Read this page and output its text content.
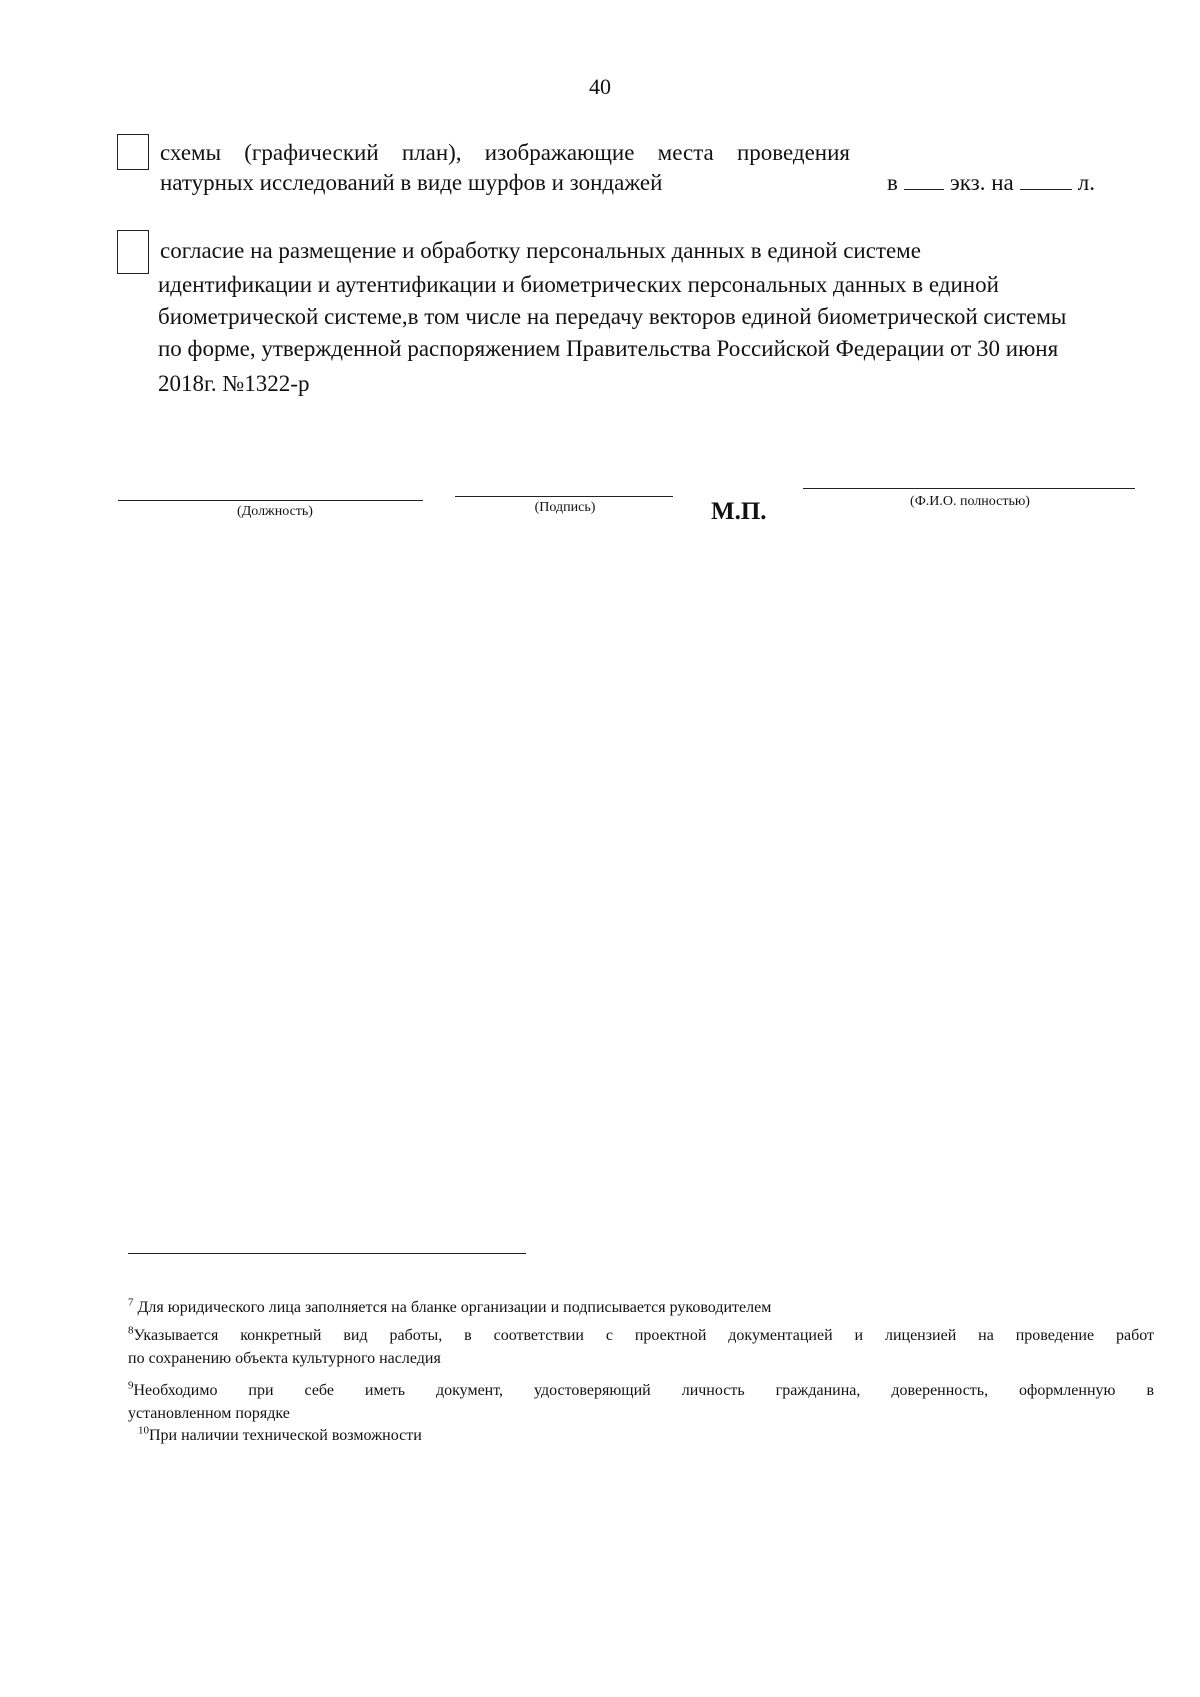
40
схемы (графический план), изображающие места проведения
натурных исследований в виде шурфов и зондажей	в экз. на	л.
согласие на размещение и обработку персональных данных в единой системе
идентификации и аутентификации и биометрических персональных данных в единой
биометрической системе,в том числе на передачу векторов единой биометрической системы
по форме, утвержденной распоряжением Правительства Российской Федерации от 30 июня
2018г. №1322-р
(Должность)	(Подпись)	М.П.	(Ф.И.О. полностью)
$^7$ Для юридического лица заполняется на бланке организации и подписывается руководителем
$^8$Указывается конкретный вид работы, в соответствии с проектной документацией и лицензией на проведение работ
по сохранению объекта культурного наследия
$^9$Необходимо при себе иметь документ, удостоверяющий личность гражданина, доверенность, оформленную в
установленном порядке
$^{10}$При наличии технической возможности
